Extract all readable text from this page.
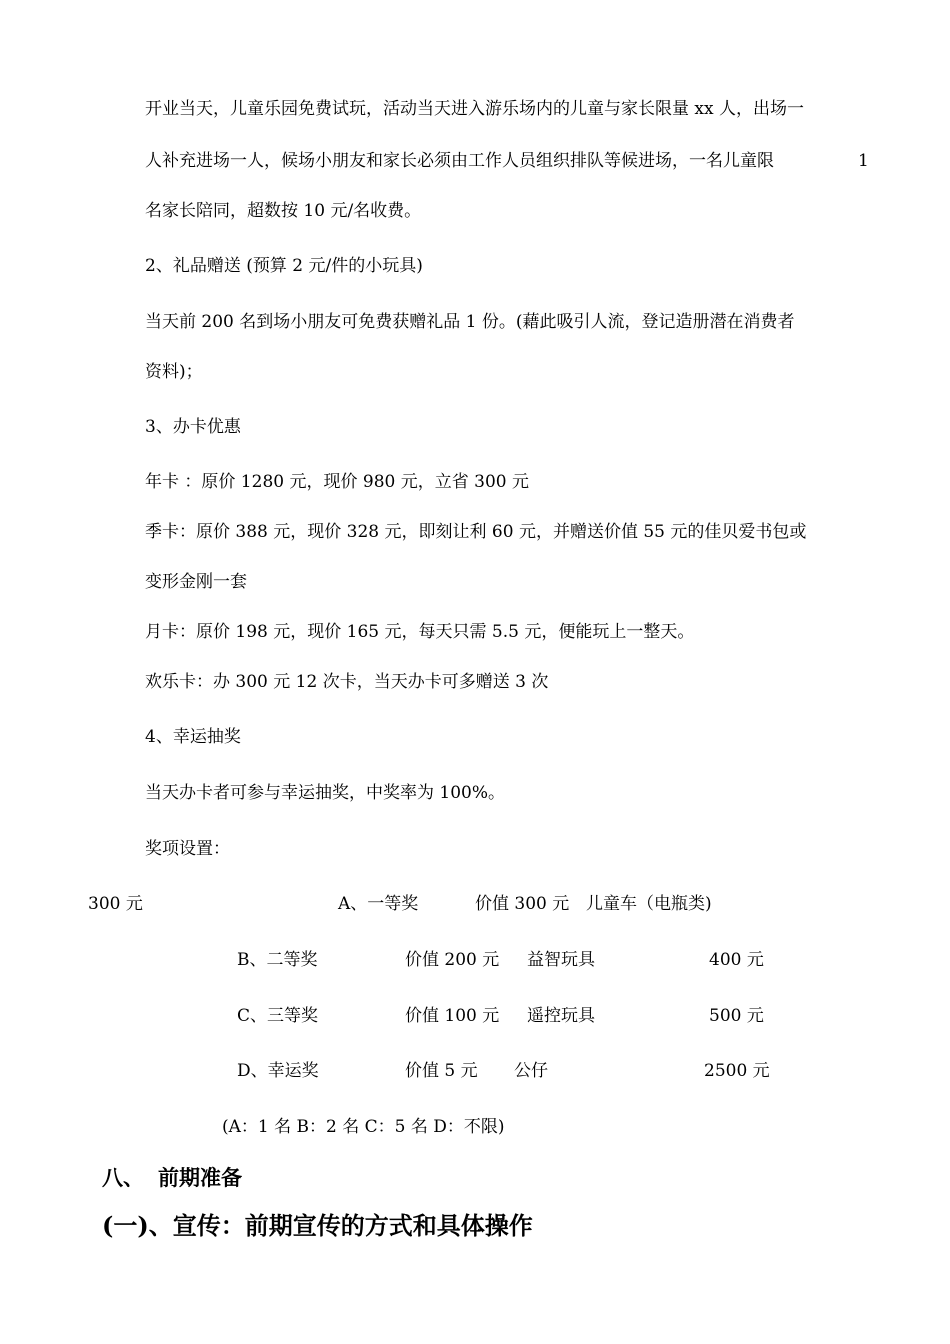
开业当天，儿童乐园免费试玩，活动当天进入游乐场内的儿童与家长限量 xx 人，出场一
人补充进场一人，候场小朋友和家长必须由工作人员组织排队等候进场，一名儿童限	1
名家长陪同，超数按 10 元/名收费。
2、礼品赠送 (预算 2 元/件的小玩具)
当天前 200 名到场小朋友可免费获赠礼品 1 份。(藉此吸引人流，登记造册潜在消费者
资料)；
3、办卡优惠
年卡 ：原价 1280 元，现价 980 元，立省 300 元
季卡：原价 388 元，现价 328 元，即刻让利 60 元，并赠送价值 55 元的佳贝爱书包或
变形金刚一套
月卡：原价 198 元，现价 165 元，每天只需 5.5 元，便能玩上一整天。
欢乐卡：办 300 元 12 次卡，当天办卡可多赠送 3 次
4、幸运抽奖
当天办卡者可参与幸运抽奖，中奖率为 100%。
奖项设置：
300 元	A、一等奖	价值 300 元 儿童车（电瓶类)
B、二等奖	价值 200 元 益智玩具	400 元
C、三等奖	价值 100 元 遥控玩具	500 元
D、幸运奖	价值 5 元 公仔	2500 元
(A：1 名 B：2 名 C：5 名 D：不限)
八、 前期准备
(一)、宣传：前期宣传的方式和具体操作
